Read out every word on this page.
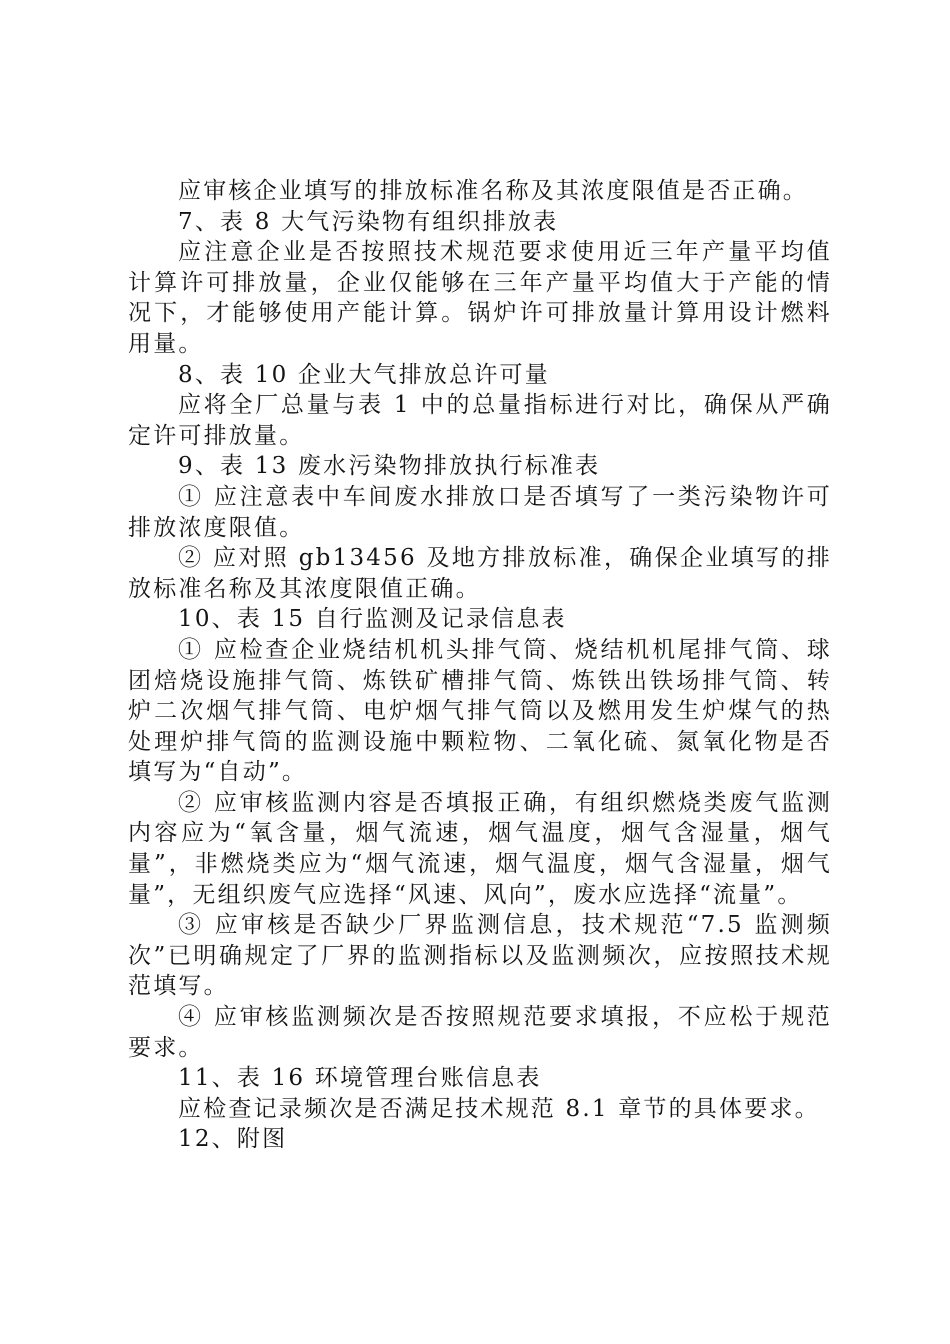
应审核企业填写的排放标准名称及其浓度限值是否正确。

7、表 8 大气污染物有组织排放表

应注意企业是否按照技术规范要求使用近三年产量平均值计算许可排放量，企业仅能够在三年产量平均值大于产能的情况下，才能够使用产能计算。锅炉许可排放量计算用设计燃料用量。

8、表 10 企业大气排放总许可量

应将全厂总量与表 1 中的总量指标进行对比，确保从严确定许可排放量。

9、表 13 废水污染物排放执行标准表

① 应注意表中车间废水排放口是否填写了一类污染物许可排放浓度限值。

② 应对照 gb13456 及地方排放标准，确保企业填写的排放标准名称及其浓度限值正确。

10、表 15 自行监测及记录信息表

① 应检查企业烧结机机头排气筒、烧结机机尾排气筒、球团焙烧设施排气筒、炼铁矿槽排气筒、炼铁出铁场排气筒、转炉二次烟气排气筒、电炉烟气排气筒以及燃用发生炉煤气的热处理炉排气筒的监测设施中颗粒物、二氧化硫、氮氧化物是否填写为“自动”。

② 应审核监测内容是否填报正确，有组织燃烧类废气监测内容应为“氧含量，烟气流速，烟气温度，烟气含湿量，烟气量”，非燃烧类应为“烟气流速，烟气温度，烟气含湿量，烟气量”，无组织废气应选择“风速、风向”，废水应选择“流量”。

③ 应审核是否缺少厂界监测信息，技术规范“7.5 监测频次”已明确规定了厂界的监测指标以及监测频次，应按照技术规范填写。

④ 应审核监测频次是否按照规范要求填报，不应松于规范要求。

11、表 16 环境管理台账信息表

应检查记录频次是否满足技术规范 8.1 章节的具体要求。

12、附图
